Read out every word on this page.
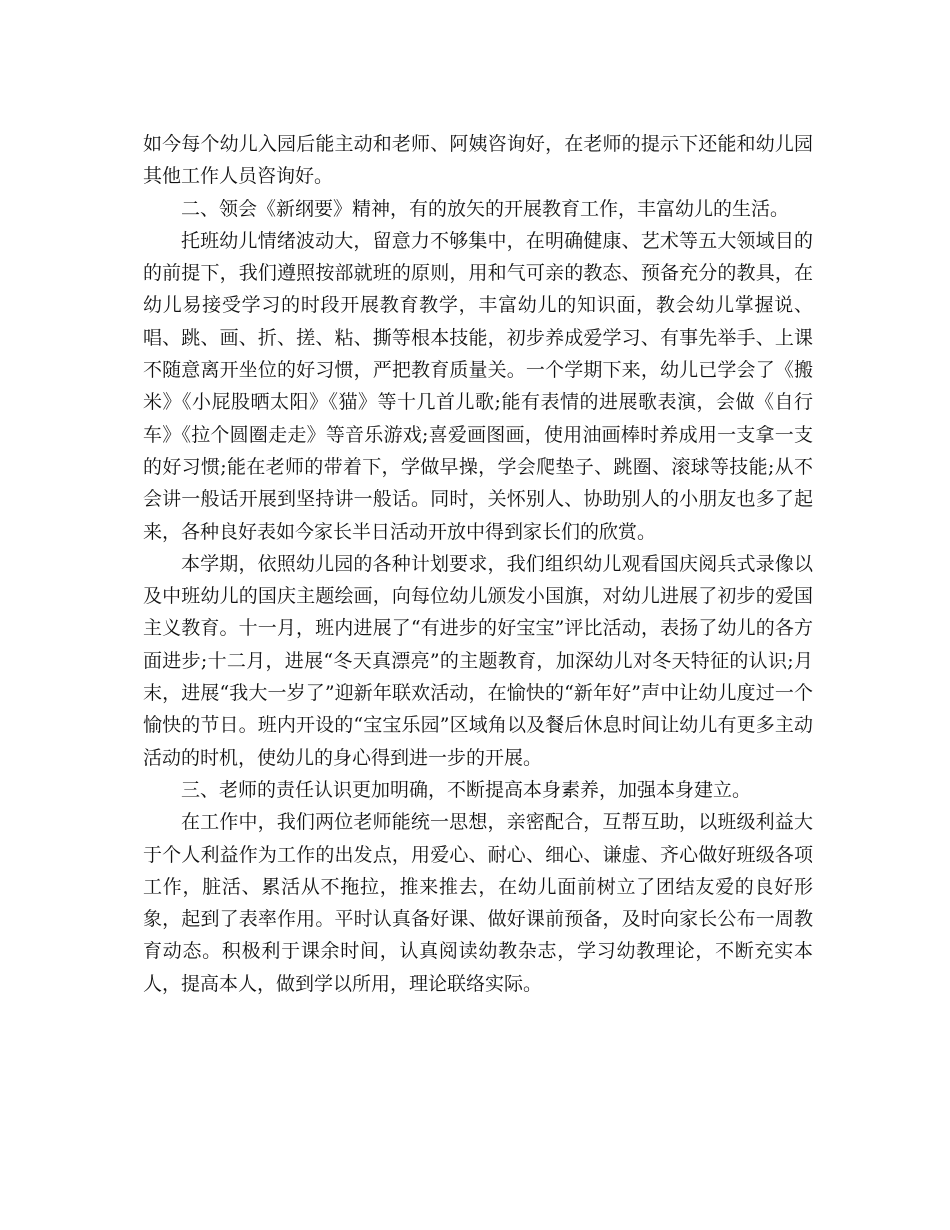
如今每个幼儿入园后能主动和老师、阿姨咨询好，在老师的提示下还能和幼儿园其他工作人员咨询好。

二、领会《新纲要》精神，有的放矢的开展教育工作，丰富幼儿的生活。

托班幼儿情绪波动大，留意力不够集中，在明确健康、艺术等五大领域目的的前提下，我们遵照按部就班的原则，用和气可亲的教态、预备充分的教具，在幼儿易接受学习的时段开展教育教学，丰富幼儿的知识面，教会幼儿掌握说、唱、跳、画、折、搓、粘、撕等根本技能，初步养成爱学习、有事先举手、上课不随意离开坐位的好习惯，严把教育质量关。一个学期下来，幼儿已学会了《搬米》《小屁股晒太阳》《猫》等十几首儿歌;能有表情的进展歌表演，会做《自行车》《拉个圆圈走走》等音乐游戏;喜爱画图画，使用油画棒时养成用一支拿一支的好习惯;能在老师的带着下，学做早操，学会爬垫子、跳圈、滚球等技能;从不会讲一般话开展到坚持讲一般话。同时，关怀别人、协助别人的小朋友也多了起来，各种良好表如今家长半日活动开放中得到家长们的欣赏。

本学期，依照幼儿园的各种计划要求，我们组织幼儿观看国庆阅兵式录像以及中班幼儿的国庆主题绘画，向每位幼儿颁发小国旗，对幼儿进展了初步的爱国主义教育。十一月，班内进展了“有进步的好宝宝”评比活动，表扬了幼儿的各方面进步;十二月，进展“冬天真漂亮”的主题教育，加深幼儿对冬天特征的认识;月末，进展“我大一岁了”迎新年联欢活动，在愉快的“新年好”声中让幼儿度过一个愉快的节日。班内开设的“宝宝乐园”区域角以及餐后休息时间让幼儿有更多主动活动的时机，使幼儿的身心得到进一步的开展。

三、老师的责任认识更加明确，不断提高本身素养，加强本身建立。

在工作中，我们两位老师能统一思想，亲密配合，互帮互助，以班级利益大于个人利益作为工作的出发点，用爱心、耐心、细心、谦虚、齐心做好班级各项工作，脏活、累活从不拖拉，推来推去，在幼儿面前树立了团结友爱的良好形象，起到了表率作用。平时认真备好课、做好课前预备，及时向家长公布一周教育动态。积极利于课余时间，认真阅读幼教杂志，学习幼教理论，不断充实本人，提高本人，做到学以所用，理论联络实际。
